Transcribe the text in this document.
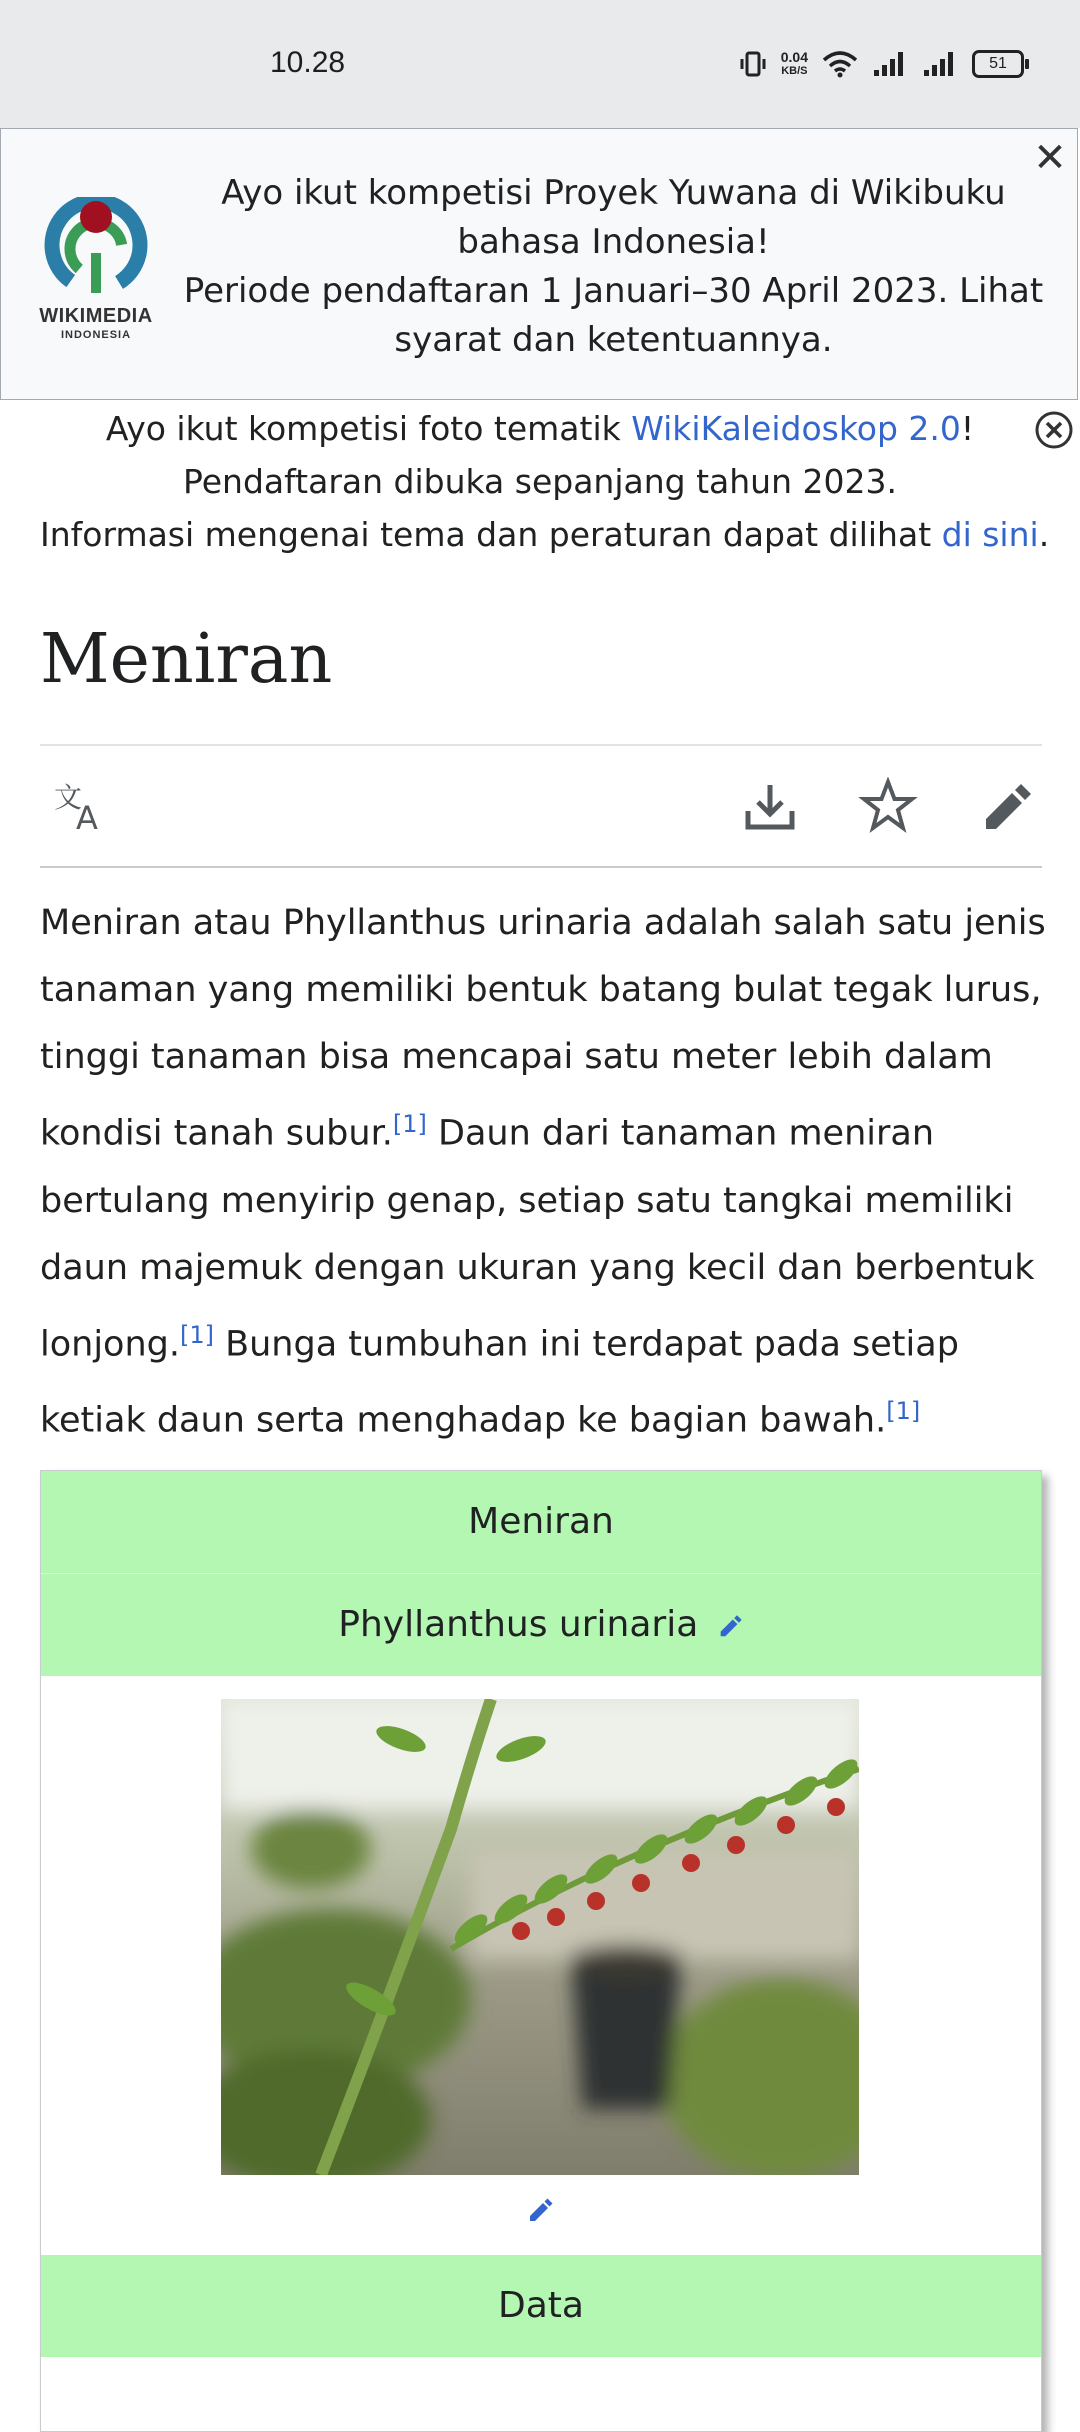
10.28	0.04
KB/S	51
WIKIMEDIA
INDONESIA
Ayo ikut kompetisi Proyek Yuwana di Wikibuku bahasa Indonesia!
Periode pendaftaran 1 Januari–30 April 2023. Lihat syarat dan ketentuannya.
✕
Ayo ikut kompetisi foto tematik WikiKaleidoskop 2.0!
Pendaftaran dibuka sepanjang tahun 2023.
Informasi mengenai tema dan peraturan dapat dilihat di sini.
Meniran
文
A
Meniran atau Phyllanthus urinaria adalah salah satu jenis tanaman yang memiliki bentuk batang bulat tegak lurus, tinggi tanaman bisa mencapai satu meter lebih dalam kondisi tanah subur.[1] Daun dari tanaman meniran bertulang menyirip genap, setiap satu tangkai memiliki daun majemuk dengan ukuran yang kecil dan berbentuk lonjong.[1] Bunga tumbuhan ini terdapat pada setiap ketiak daun serta menghadap ke bagian bawah.[1]
Meniran
Phyllanthus urinaria
Data
